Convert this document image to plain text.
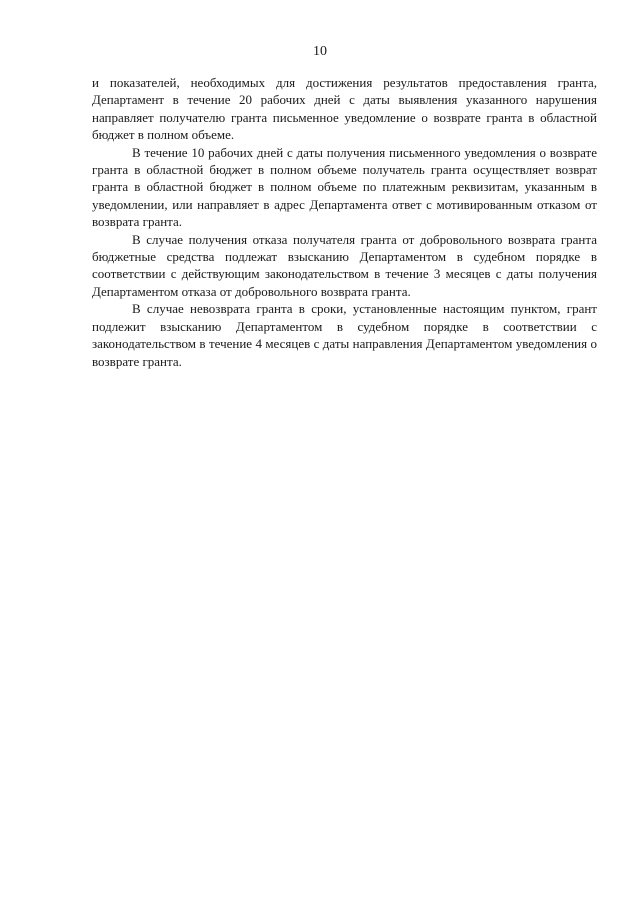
10

и показателей, необходимых для достижения результатов предоставления гранта, Департамент в течение 20 рабочих дней с даты выявления указанного нарушения направляет получателю гранта письменное уведомление о возврате гранта в областной бюджет в полном объеме.

В течение 10 рабочих дней с даты получения письменного уведомления о возврате гранта в областной бюджет в полном объеме получатель гранта осуществляет возврат гранта в областной бюджет в полном объеме по платежным реквизитам, указанным в уведомлении, или направляет в адрес Департамента ответ с мотивированным отказом от возврата гранта.

В случае получения отказа получателя гранта от добровольного возврата гранта бюджетные средства подлежат взысканию Департаментом в судебном порядке в соответствии с действующим законодательством в течение 3 месяцев с даты получения Департаментом отказа от добровольного возврата гранта.

В случае невозврата гранта в сроки, установленные настоящим пунктом, грант подлежит взысканию Департаментом в судебном порядке в соответствии с законодательством в течение 4 месяцев с даты направления Департаментом уведомления о возврате гранта.
